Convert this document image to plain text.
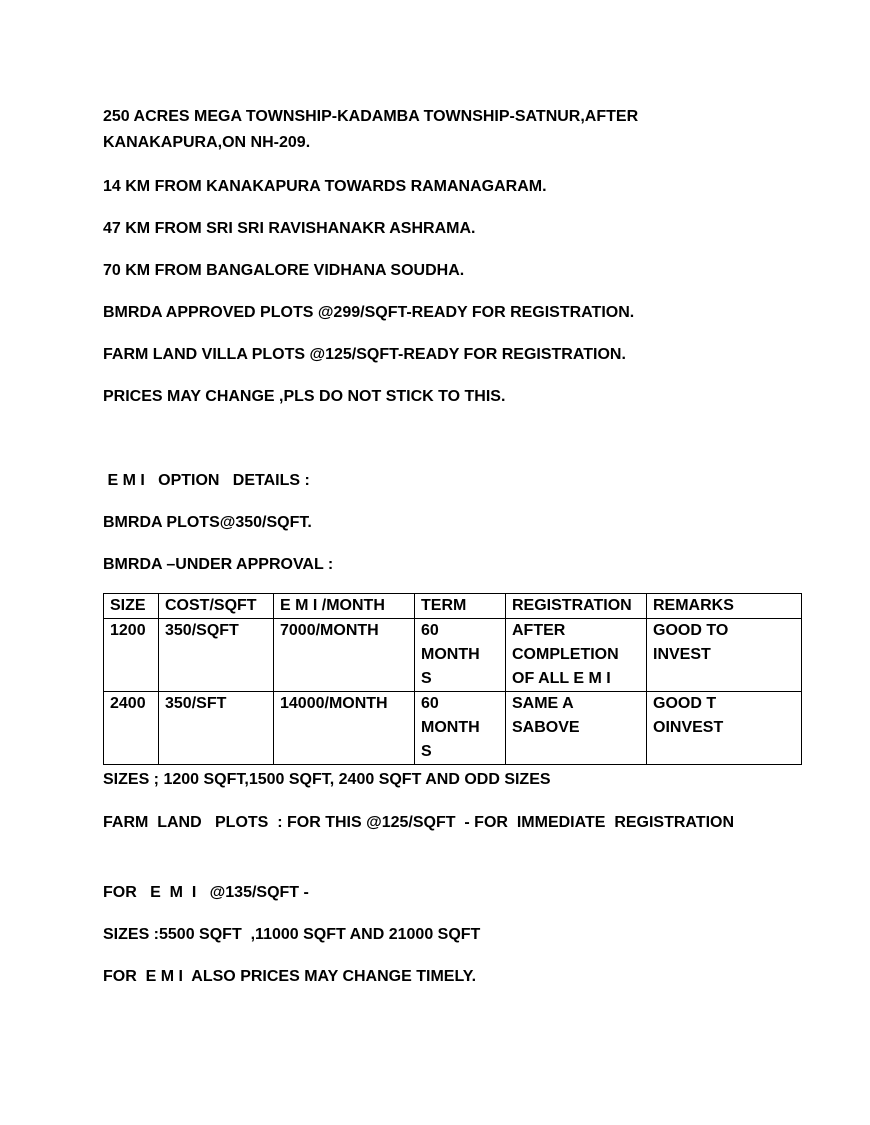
250 ACRES MEGA TOWNSHIP-KADAMBA TOWNSHIP-SATNUR,AFTER

KANAKAPURA,ON NH-209.

14 KM FROM KANAKAPURA TOWARDS RAMANAGARAM.

47 KM FROM SRI SRI RAVISHANAKR ASHRAMA.

70 KM FROM BANGALORE VIDHANA SOUDHA.

BMRDA APPROVED PLOTS @299/SQFT-READY FOR REGISTRATION.

FARM LAND VILLA PLOTS @125/SQFT-READY FOR REGISTRATION.

PRICES MAY CHANGE ,PLS DO NOT STICK TO THIS.

E M I   OPTION   DETAILS :

BMRDA PLOTS@350/SQFT.

BMRDA –UNDER APPROVAL :

SIZE	COST/SQFT	E M I /MONTH	TERM	REGISTRATION	REMARKS
1200	350/SQFT	7000/MONTH	60
MONTH
S	AFTER
COMPLETION
OF ALL E M I	GOOD TO
INVEST
2400	350/SFT	14000/MONTH	60
MONTH
S	SAME A
SABOVE	GOOD T
OINVEST

SIZES ; 1200 SQFT,1500 SQFT, 2400 SQFT AND ODD SIZES

FARM  LAND   PLOTS  : FOR THIS @125/SQFT  - FOR  IMMEDIATE  REGISTRATION

FOR   E  M  I   @135/SQFT -

SIZES :5500 SQFT  ,11000 SQFT AND 21000 SQFT

FOR  E M I  ALSO PRICES MAY CHANGE TIMELY.
